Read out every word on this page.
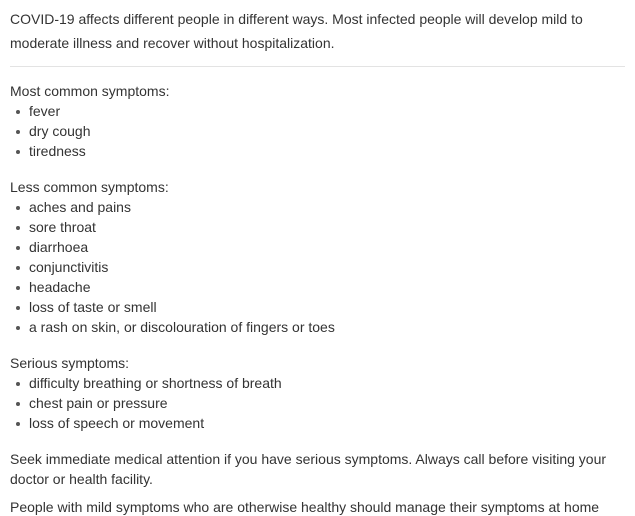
COVID-19 affects different people in different ways. Most infected people will develop mild to moderate illness and recover without hospitalization.

Most common symptoms:

fever
dry cough
tiredness

Less common symptoms:

aches and pains
sore throat
diarrhoea
conjunctivitis
headache
loss of taste or smell
a rash on skin, or discolouration of fingers or toes

Serious symptoms:

difficulty breathing or shortness of breath
chest pain or pressure
loss of speech or movement

Seek immediate medical attention if you have serious symptoms. Always call before visiting your doctor or health facility.

People with mild symptoms who are otherwise healthy should manage their symptoms at home
